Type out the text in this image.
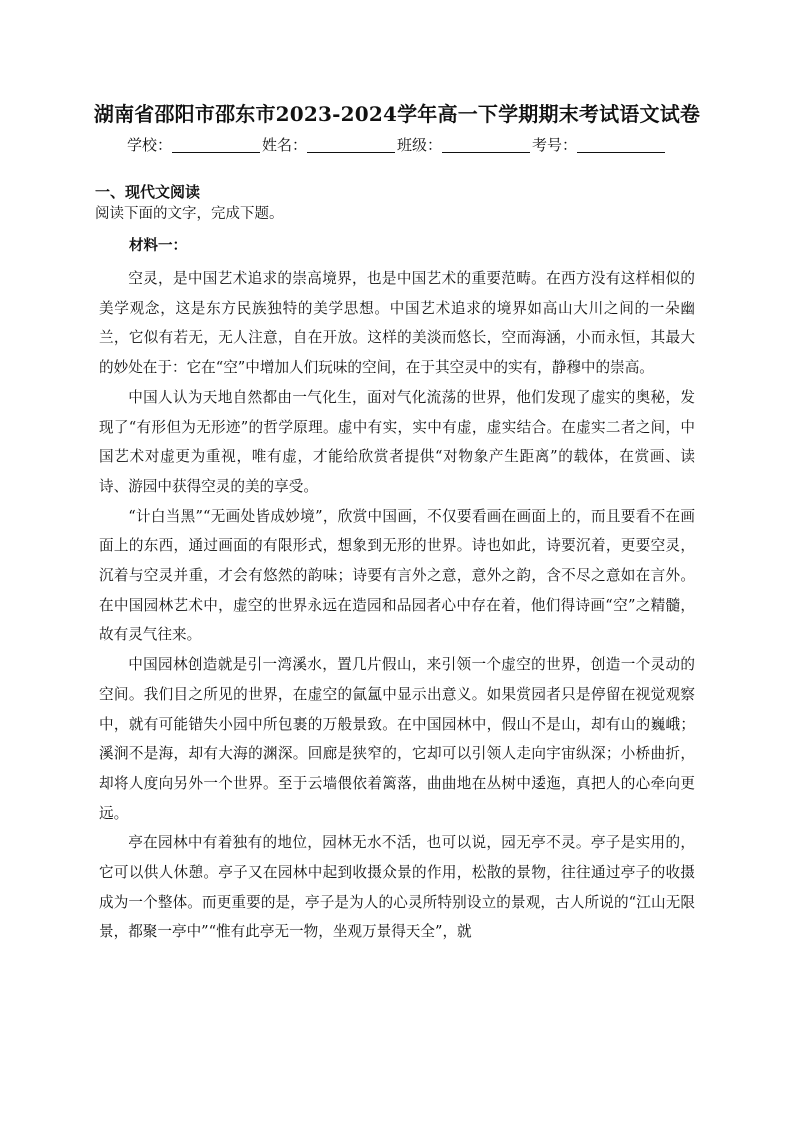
湖南省邵阳市邵东市2023-2024学年高一下学期期末考试语文试卷
学校：	姓名：	班级：	考号：
一、现代文阅读
阅读下面的文字，完成下题。
材料一：

空灵，是中国艺术追求的崇高境界，也是中国艺术的重要范畴。在西方没有这样相似的美学观念，这是东方民族独特的美学思想。中国艺术追求的境界如高山大川之间的一朵幽兰，它似有若无，无人注意，自在开放。这样的美淡而悠长，空而海涵，小而永恒，其最大的妙处在于：它在“空”中增加人们玩味的空间，在于其空灵中的实有，静穆中的崇高。

中国人认为天地自然都由一气化生，面对气化流荡的世界，他们发现了虚实的奥秘，发现了“有形但为无形迹”的哲学原理。虚中有实，实中有虚，虚实结合。在虚实二者之间，中国艺术对虚更为重视，唯有虚，才能给欣赏者提供“对物象产生距离”的载体，在赏画、读诗、游园中获得空灵的美的享受。

“计白当黑”“无画处皆成妙境”，欣赏中国画，不仅要看画在画面上的，而且要看不在画面上的东西，通过画面的有限形式，想象到无形的世界。诗也如此，诗要沉着，更要空灵，沉着与空灵并重，才会有悠然的韵味；诗要有言外之意，意外之韵，含不尽之意如在言外。在中国园林艺术中，虚空的世界永远在造园和品园者心中存在着，他们得诗画“空”之精髓，故有灵气往来。

中国园林创造就是引一湾溪水，置几片假山，来引领一个虚空的世界，创造一个灵动的空间。我们目之所见的世界，在虚空的氤氲中显示出意义。如果赏园者只是停留在视觉观察中，就有可能错失小园中所包裹的万般景致。在中国园林中，假山不是山，却有山的巍峨；溪涧不是海，却有大海的渊深。回廊是狭窄的，它却可以引领人走向宇宙纵深；小桥曲折，却将人度向另外一个世界。至于云墙偎依着篱落，曲曲地在丛树中逶迤，真把人的心牵向更远。

亭在园林中有着独有的地位，园林无水不活，也可以说，园无亭不灵。亭子是实用的，它可以供人休憩。亭子又在园林中起到收摄众景的作用，松散的景物，往往通过亭子的收摄成为一个整体。而更重要的是，亭子是为人的心灵所特别设立的景观，古人所说的“江山无限景，都聚一亭中”“惟有此亭无一物，坐观万景得天全”，就
